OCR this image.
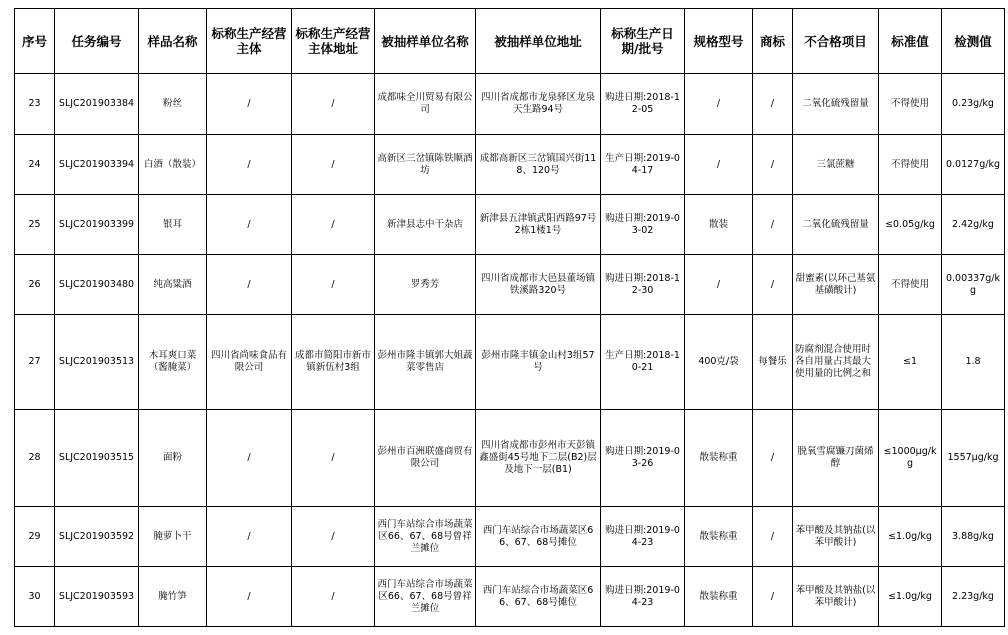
序号	任务编号	样品名称	标称生产经营主体	标称生产经营主体地址	被抽样单位名称	被抽样单位地址	标称生产日期/批号	规格型号	商标	不合格项目	标准值	检测值
23	SLJC201903384	粉丝	/	/	成都味全川贸易有限公司	四川省成都市龙泉驿区龙泉天生路94号	购进日期:2018-12-05	/	/	二氧化硫残留量	不得使用	0.23g/kg
24	SLJC201903394	白酒（散装）	/	/	高新区三岔镇陈铁顺酒坊	成都高新区三岔镇国兴街118、120号	生产日期:2019-04-17	/	/	三氯蔗糖	不得使用	0.0127g/kg
25	SLJC201903399	银耳	/	/	新津县志中干杂店	新津县五津镇武阳西路97号2栋1楼1号	购进日期:2019-03-02	散装	/	二氧化硫残留量	≤0.05g/kg	2.42g/kg
26	SLJC201903480	纯高粱酒	/	/	罗秀芳	四川省成都市大邑县董场镇铁溪路320号	购进日期:2018-12-30	/	/	甜蜜素(以环己基氨基磺酸计)	不得使用	0.00337g/kg
27	SLJC201903513	木耳爽口菜（酱腌菜）	四川省尚味食品有限公司	成都市简阳市新市镇新伍村3组	彭州市隆丰镇郭大姐蔬菜零售店	彭州市隆丰镇金山村3组57号	生产日期:2018-10-21	400克/袋	每餐乐	防腐剂混合使用时各自用量占其最大使用量的比例之和	≤1	1.8
28	SLJC201903515	面粉	/	/	彭州市百洲联盛商贸有限公司	四川省成都市彭州市天彭镇鑫盛街45号地下二层(B2)层及地下一层(B1)	购进日期:2019-03-26	散装称重	/	脱氧雪腐镰刀菌烯醇	≤1000μg/kg	1557μg/kg
29	SLJC201903592	腌萝卜干	/	/	西门车站综合市场蔬菜区66、67、68号曾祥兰摊位	西门车站综合市场蔬菜区66、67、68号摊位	购进日期:2019-04-23	散装称重	/	苯甲酸及其钠盐(以苯甲酸计)	≤1.0g/kg	3.88g/kg
30	SLJC201903593	腌竹笋	/	/	西门车站综合市场蔬菜区66、67、68号曾祥兰摊位	西门车站综合市场蔬菜区66、67、68号摊位	购进日期:2019-04-23	散装称重	/	苯甲酸及其钠盐(以苯甲酸计)	≤1.0g/kg	2.23g/kg
